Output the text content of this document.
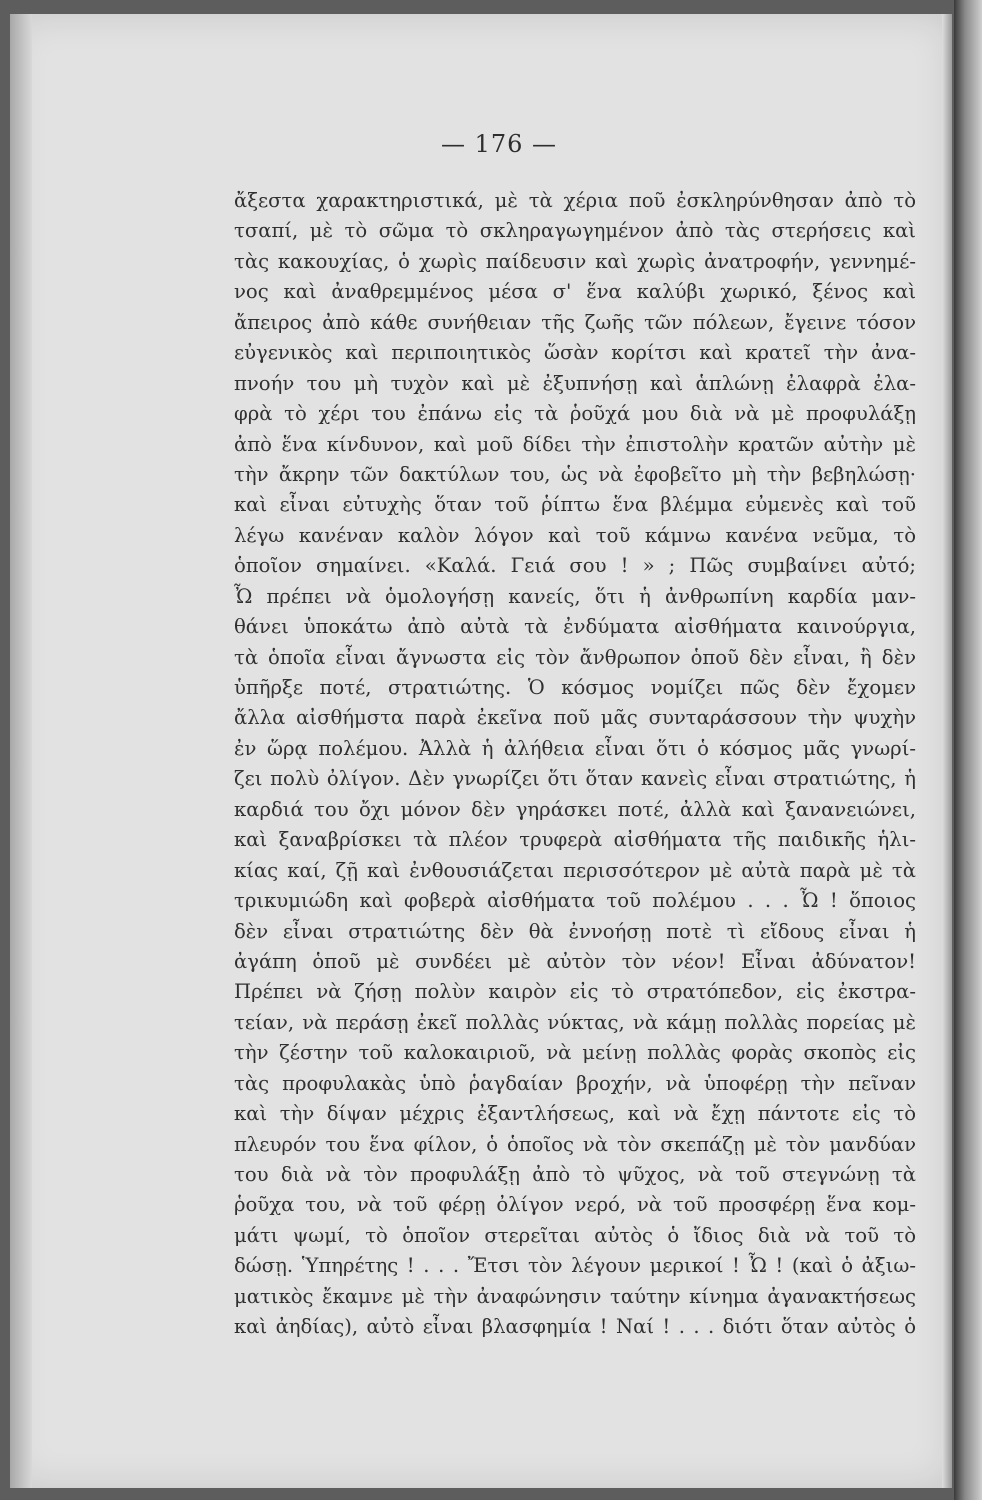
— 176 —
ἄξεστα χαρακτηριστικά, μὲ τὰ χέρια ποῦ ἐσκληρύνθησαν ἀπὸ τὸ
τσαπί, μὲ τὸ σῶμα τὸ σκληραγωγημένον ἀπὸ τὰς στερήσεις καὶ
τὰς κακουχίας, ὁ χωρὶς παίδευσιν καὶ χωρὶς ἀνατροφήν, γεννημέ-
νος καὶ ἀναθρεμμένος μέσα σ' ἕνα καλύβι χωρικό, ξένος καὶ
ἄπειρος ἀπὸ κάθε συνήθειαν τῆς ζωῆς τῶν πόλεων, ἔγεινε τόσον
εὐγενικὸς καὶ περιποιητικὸς ὥσὰν κορίτσι καὶ κρατεῖ τὴν ἀνα-
πνοήν του μὴ τυχὸν καὶ μὲ ἐξυπνήσῃ καὶ ἁπλώνῃ ἐλαφρὰ ἐλα-
φρὰ τὸ χέρι του ἐπάνω εἰς τὰ ῥοῦχά μου διὰ νὰ μὲ προφυλάξῃ
ἀπὸ ἕνα κίνδυνον, καὶ μοῦ δίδει τὴν ἐπιστολὴν κρατῶν αὐτὴν μὲ
τὴν ἄκρην τῶν δακτύλων του, ὡς νὰ ἐφοβεῖτο μὴ τὴν βεβηλώσῃ·
καὶ εἶναι εὐτυχὴς ὅταν τοῦ ῥίπτω ἕνα βλέμμα εὐμενὲς καὶ τοῦ
λέγω κανέναν καλὸν λόγον καὶ τοῦ κάμνω κανένα νεῦμα, τὸ
ὁποῖον σημαίνει. «Καλά. Γειά σου ! » ; Πῶς συμβαίνει αὐτό;
Ὦ πρέπει νὰ ὁμολογήσῃ κανείς, ὅτι ἡ ἀνθρωπίνη καρδία μαν-
θάνει ὑποκάτω ἀπὸ αὐτὰ τὰ ἐνδύματα αἰσθήματα καινούργια,
τὰ ὁποῖα εἶναι ἄγνωστα εἰς τὸν ἄνθρωπον ὁποῦ δὲν εἶναι, ἢ δὲν
ὑπῆρξε ποτέ, στρατιώτης. Ὁ κόσμος νομίζει πῶς δὲν ἔχομεν
ἄλλα αἰσθήμστα παρὰ ἐκεῖνα ποῦ μᾶς συνταράσσουν τὴν ψυχὴν
ἐν ὥρᾳ πολέμου. Ἀλλὰ ἡ ἀλήθεια εἶναι ὅτι ὁ κόσμος μᾶς γνωρί-
ζει πολὺ ὀλίγον. Δὲν γνωρίζει ὅτι ὅταν κανεὶς εἶναι στρατιώτης, ἡ
καρδιά του ὄχι μόνον δὲν γηράσκει ποτέ, ἀλλὰ καὶ ξανανειώνει,
καὶ ξαναβρίσκει τὰ πλέον τρυφερὰ αἰσθήματα τῆς παιδικῆς ἡλι-
κίας καί, ζῇ καὶ ἐνθουσιάζεται περισσότερον μὲ αὐτὰ παρὰ μὲ τὰ
τρικυμιώδη καὶ φοβερὰ αἰσθήματα τοῦ πολέμου . . . Ὦ ! ὅποιος
δὲν εἶναι στρατιώτης δὲν θὰ ἐννοήσῃ ποτὲ τὶ εἴδους εἶναι ἡ
ἀγάπη ὁποῦ μὲ συνδέει μὲ αὐτὸν τὸν νέον! Εἶναι ἀδύνατον!
Πρέπει νὰ ζήσῃ πολὺν καιρὸν εἰς τὸ στρατόπεδον, εἰς ἐκστρα-
τείαν, νὰ περάσῃ ἐκεῖ πολλὰς νύκτας, νὰ κάμῃ πολλὰς πορείας μὲ
τὴν ζέστην τοῦ καλοκαιριοῦ, νὰ μείνῃ πολλὰς φορὰς σκοπὸς εἰς
τὰς προφυλακὰς ὑπὸ ῥαγδαίαν βροχήν, νὰ ὑποφέρῃ τὴν πεῖναν
καὶ τὴν δίψαν μέχρις ἐξαντλήσεως, καὶ νὰ ἔχῃ πάντοτε εἰς τὸ
πλευρόν του ἕνα φίλον, ὁ ὁποῖος νὰ τὸν σκεπάζῃ μὲ τὸν μανδύαν
του διὰ νὰ τὸν προφυλάξῃ ἀπὸ τὸ ψῦχος, νὰ τοῦ στεγνώνῃ τὰ
ῥοῦχα του, νὰ τοῦ φέρῃ ὀλίγον νερό, νὰ τοῦ προσφέρῃ ἕνα κομ-
μάτι ψωμί, τὸ ὁποῖον στερεῖται αὐτὸς ὁ ἴδιος διὰ νὰ τοῦ τὸ
δώσῃ. Ὑπηρέτης ! . . . Ἔτσι τὸν λέγουν μερικοί ! Ὦ ! (καὶ ὁ ἀξιω-
ματικὸς ἔκαμνε μὲ τὴν ἀναφώνησιν ταύτην κίνημα ἀγανακτήσεως
καὶ ἀηδίας), αὐτὸ εἶναι βλασφημία ! Ναί ! . . . διότι ὅταν αὐτὸς ὁ
